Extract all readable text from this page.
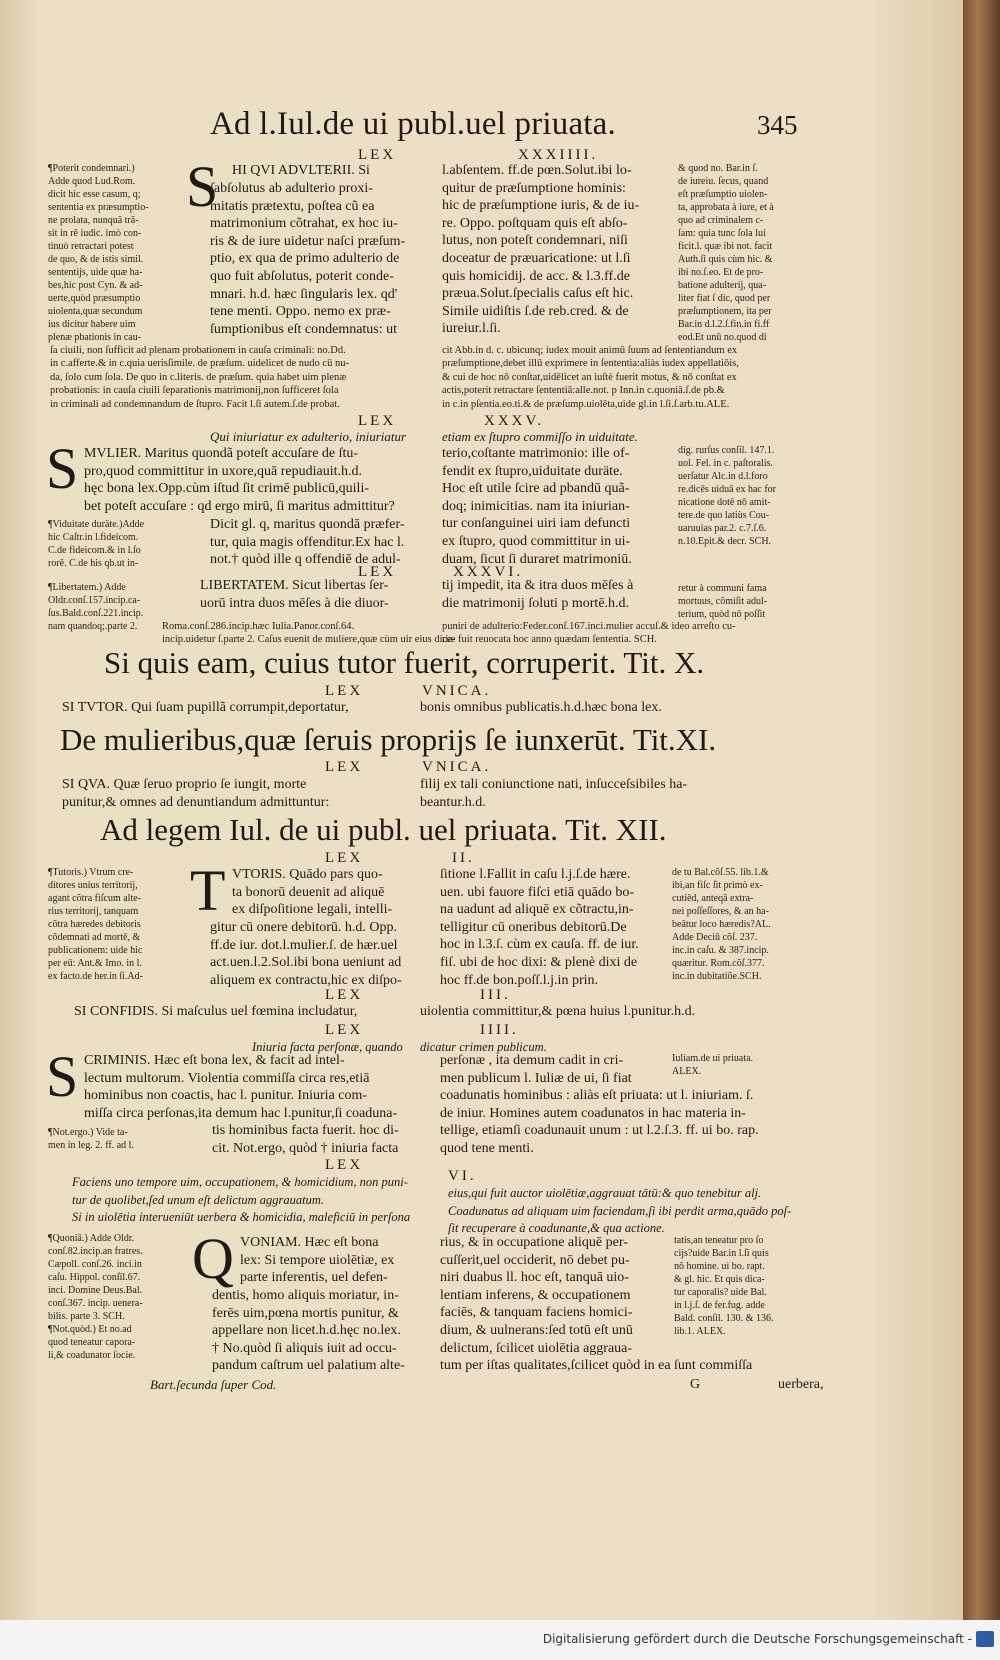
Ad l.Iul.de ui publ.uel priuata.	345
LEX	XXXIIII.
¶Poterit condemnari.)
Adde quod Lud.Rom.
dicit hic esse casum, q;
sententia ex præsumptio-
ne prolata, nunquã trã-
sit in rē iudic. imò con-
tinuò retractari potest
de quo, & de istis simil.
sententijs, uide quæ ha-
bes,hic post Cyn. & ad-
uerte,quòd præsumptio
uiolenta,quæ secundum
ius dicitur habere uim
plenæ pbationis in cau-
S HI QVI ADVLTERII. Si
ſabſolutus ab adulterio proxi-
mitatis prætextu, poſtea cũ ea
matrimonium cõtrahat, ex hoc iu-
ris & de iure uidetur naſci præſum-
ptio, ex qua de primo adulterio de
quo fuit abſolutus, poterit conde-
mnari. h.d. hæc ſingularis lex. qd'
tene menti. Oppo. nemo ex præ-
ſumptionibus eſt condemnatus: ut
l.abſentem. ff.de pœn.Solut.ibi lo-
quitur de præſumptione hominis:
hic de præſumptione iuris, & de iu-
re. Oppo. poſtquam quis eſt abſo-
lutus, non poteſt condemnari, niſi
doceatur de præuaricatione: ut l.ſi
quis homicidij. de acc. & l.3.ff.de
præua.Solut.ſpecialis caſus eſt hic.
Simile uidiſtis ſ.de reb.cred. & de
iureiur.l.ſi.
& quod no. Bar.in ſ.
de iureiu. ſecus, quand
eſt præſumptio uiolen-
ta, approbata à iure, et à
quo ad criminalem c-
ſam: quia tunc ſola lui
ficit.l. quæ ibi not. facit
Auth.ſi quis cùm hic. &
ibi no.ſ.eo. Et de pro-
batione adulterij, qua-
liter fiat ſ dic, quod per
præſumptionem, ita per
Bar.in d.l.2.ſ.fin.in fi.ff
eod.Et unū no.quod di
ſa ciuili, non ſufficit ad plenam probationem in cauſa criminali: no.Dd.
in c.afferte.& in c.quia uerisſimile. de præſum. uidelicet de nudo cū nu-
da, ſolo cum ſola. De quo in c.literis. de præſum. quia habet uim plenæ
probationis: in cauſa ciuili ſeparationis matrimonij,non ſufficeret ſola
in criminali ad condemnandum de ſtupro. Facit l.ſi autem.ſ.de probat.
cit Abb.in d. c. ubicunq; iudex mouit animū ſuum ad ſententiandum ex
præſumptione,debet illū exprimere in ſententia:aliàs iudex appellatiōis,
& cui de hoc nō conſtat,uidēlicet an iuſtè fuerit motus, & nō conſtat ex
actis,poterit retractare ſententiā:alle.not. p Inn.in c.quoniā.ſ.de pb.&
in c.in pſentia.eo.ti.& de præſump.uiolēta,uide gl.in l.ſi.ſ.arb.tu.ALE.
LEX	XXXV.
Qui iniuriatur ex adulterio, iniuriatur	etiam ex ſtupro commiſſo in uiduitate.
S MVLIER. Maritus quondã poteſt accuſare de ſtu-
pro,quod committitur in uxore,quā repudiauit.h.d.
hęc bona lex.Opp.cùm iſtud ſit crimē publicū,quili-
bet poteſt accuſare : qd ergo mirū, ſi maritus admittitur?
¶Viduitate duräte.)Adde
hic Caſtr.in l.fideicom.
C.de fideicom.& in l.ſo
rorē. C.de his qb.ut in-
Dicit gl. q, maritus quondā præfer-
tur, quia magis offenditur.Ex hac l.
not.† quòd ille q offendiē de adul-
terio,coſtante matrimonio: ille of-
fendit ex ſtupro,uiduitate duräte.
Hoc eſt utile ſcire ad pbandū quã-
doq; inimicitias. nam ita iniurian-
tur conſanguinei uiri iam defuncti
ex ſtupro, quod committitur in ui-
duam, ſicut ſi duraret matrimoniū.
dig. rurſus conſil. 147.1.
uol. Fel. in c. paſtoralis.
uerſatur Alc.in d.l.foro
re.dicēs uiduā ex hac for
nicatione dotē nō amit-
tere.de quo latiùs Cou-
uaruuias par.2. c.7.ſ.6.
n.10.Epit.& decr. SCH.
LEX	XXXVI.
¶Libertatem.) Adde
Oldr.conſ.157.incip.ca-
ſus.Bald.conſ.221.incip.
nam quandoq;.parte 2.
LIBERTATEM. Sicut libertas ſer-
uorū intra duos mēſes à die diuor-
Roma.conſ.286.incip.hæc Iulia.Panor.conſ.64.
incip.uidetur ſ.parte 2. Caſus euenit de muliere,quæ cùm uir eius dice-
tij impedit, ita & itra duos mēſes à
die matrimonij ſoluti p mortē.h.d.
puniri de adulterio:Feder.conſ.167.inci.mulier accuſ.& ideo arreſto cu-
riæ fuit reuocata hoc anno quædam ſententia. SCH.
retur à communi fama
mortuus, cõmiſit adul-
terium, quòd nō poſſit
Si quis eam, cuius tutor fuerit, corruperit. Tit. X.
LEX	VNICA.
SI TVTOR. Qui ſuam pupillã corrumpit,deportatur,	bonis omnibus publicatis.h.d.hæc bona lex.
De mulieribus,quæ ſeruis proprijs ſe iunxerūt. Tit.XI.
LEX	VNICA.
SI QVA. Quæ ſeruo proprio ſe iungit, morte
punitur,& omnes ad denuntiandum admittuntur:
filij ex tali coniunctione nati, inſucceſsibiles ha-
beantur.h.d.
Ad legem Iul. de ui publ. uel priuata. Tit. XII.
LEX	II.
¶Tutoris.) Vtrum cre-
ditores unius territorij,
agant cõtra fiſcum alte-
rius territorij, tanquam
cõtra hæredes debitoris
cõdemnati ad mortē, &
publicationem: uide hic
per eū: Ant.& Imo. in l.
ex facto.de her.in ſi.Ad-
T VTORIS. Quādo pars quo-
ta bonorū deuenit ad aliquē
ex diſpoſitione legali, intelli-
gitur cū onere debitorū. h.d. Opp.
ff.de iur. dot.l.mulier.ſ. de hær.uel
act.uen.l.2.Sol.ibi bona ueniunt ad
aliquem ex contractu,hic ex diſpo-
ſitione l.Fallit in caſu l.j.ſ.de hære.
uen. ubi fauore fiſci etiā quādo bo-
na uadunt ad aliquē ex cõtractu,in-
telligitur cū oneribus debitorū.De
hoc in l.3.ſ. cùm ex cauſa. ff. de iur.
fiſ. ubi de hoc dixi: & plenè dixi de
hoc ff.de bon.poſſ.l.j.in prin.
de tu Bal.cõſ.55. lib.1.&
ibi,an fiſc ſit primò ex-
cutiēd, anteqā extra-
nei poſſeſſores, & an ha-
beātur loco hæredis?AL.
Adde Deciū cõſ. 237.
inc.in caſu. & 387.incip.
quæritur. Rom.cõſ.377.
inc.in dubitatiõe.SCH.
LEX	III.
SI CONFIDIS. Si maſculus uel fœmina includatur,	uiolentia committitur,& pœna huius l.punitur.h.d.
LEX	IIII.
Iniuria facta perſonæ, quando dicatur crimen publicum.
S CRIMINIS. Hæc eſt bona lex, & facit ad intel-
lectum multorum. Violentia commiſſa circa res,etiā
hominibus non coactis, hac l. punitur. Iniuria com-
miſſa circa perſonas,ita demum hac l.punitur,ſi coaduna-
tis hominibus facta fuerit. hoc di-
cit. Not.ergo, quòd † iniuria facta
¶Not.ergo.) Vide ta-
men in leg. 2. ff. ad l.
perſonæ , ita demum cadit in cri-
men publicum l. Iuliæ de ui, ſi fiat
coadunatis hominibus : aliàs eſt priuata: ut l. iniuriam. ſ.
de iniur. Homines autem coadunatos in hac materia in-
tellige, etiamſi coadunauit unum : ut l.2.ſ.3. ff. ui bo. rap.
quod tene menti.
Iuliam.de ui priuata.
ALEX.
LEX
VI.
Faciens uno tempore uim, occupationem, & homicidium, non puni-
tur de quolibet,ſed unum eſt delictum aggrauatum.
Si in uiolētia interueniūt uerbera & homicidia, maleficiū in perſona
eius,qui fuit auctor uiolētiæ,aggrauat tātū:& quo tenebitur alj.
Coadunatus ad aliquam uim faciendam,ſi ibi perdit arma,quādo poſ-
ſit recuperare à coadunante,& qua actione.
¶Quoniā.) Adde Oldr.
conſ.82.incip.an fratres.
Cæpoll. conſ.26. inci.in
caſu. Hippol. conſil.67.
inci. Domine Deus.Bal.
conſ.367. incip. uenera-
bilis. parte 3. SCH.
¶Not.quòd.) Et no.ad
quod teneatur capora-
li,& coadunator ſocie.
Q VONIAM. Hæc eſt bona
lex: Si tempore uiolētiæ, ex
parte inferentis, uel defen-
dentis, homo aliquis moriatur, in-
ferēs uim,pœna mortis punitur, &
appellare non licet.h.d.hęc no.lex.
† No.quòd ſi aliquis iuit ad occu-
pandum caſtrum uel palatium alte-
Bart.ſecunda ſuper Cod.
rius, & in occupatione aliquē per-
cuſſerit,uel occiderit, nō debet pu-
niri duabus ll. hoc eſt, tanquā uio-
lentiam inferens, & occupationem
faciēs, & tanquam faciens homici-
dium, & uulnerans:ſed totū eſt unū
delictum, ſcilicet uiolētia aggraua-
tum per iſtas qualitates,ſcilicet quòd in ea ſunt commiſſa
tatis,an teneatur pro ſo
cijs?uide Bar.in l.ſi quis
nō homine. ui bo. rapt.
& gl. hic. Et quis dica-
tur caporalis? uide Bal.
in l.j.ſ. de fer.fug. adde
Bald. conſil. 130. & 136.
lib.1. ALEX.
G	uerbera,
Digitalisierung gefördert durch die Deutsche Forschungsgemeinschaft -
